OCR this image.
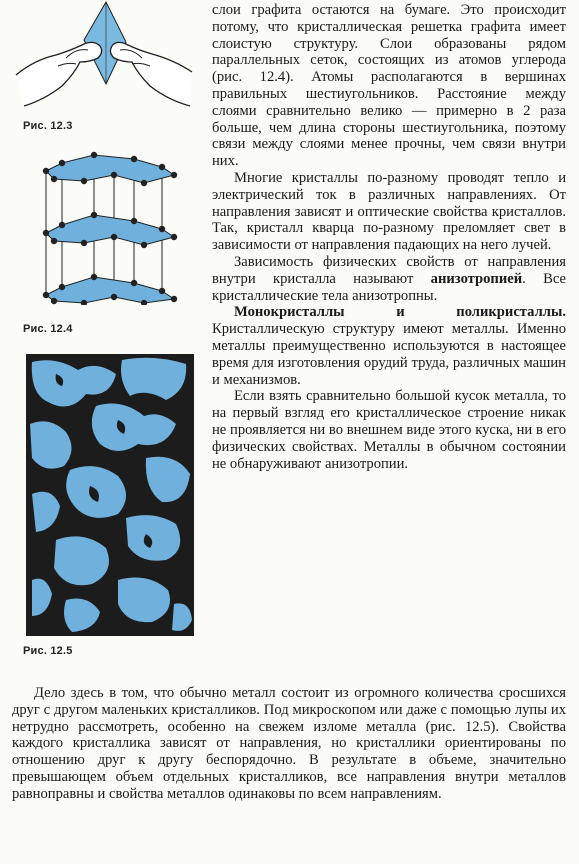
Рис. 12.3
Рис. 12.4
Рис. 12.5

слои графита остаются на бумаге. Это происходит потому, что кристаллическая решетка графита имеет слоистую структуру. Слои образованы рядом параллельных сеток, состоящих из атомов углерода (рис. 12.4). Атомы располагаются в вершинах правильных шестиугольников. Расстояние между слоями сравнительно велико — примерно в 2 раза больше, чем длина стороны шестиугольника, поэтому связи между слоями менее прочны, чем связи внутри них.

Многие кристаллы по-разному проводят тепло и электрический ток в различных направлениях. От направления зависят и оптические свойства кристаллов. Так, кристалл кварца по-разному преломляет свет в зависимости от направления падающих на него лучей.

Зависимость физических свойств от направления внутри кристалла называют анизотропией. Все кристаллические тела анизотропны.

Монокристаллы и поликристаллы. Кристаллическую структуру имеют металлы. Именно металлы преимущественно используются в настоящее время для изготовления орудий труда, различных машин и механизмов.

Если взять сравнительно большой кусок металла, то на первый взгляд его кристаллическое строение никак не проявляется ни во внешнем виде этого куска, ни в его физических свойствах. Металлы в обычном состоянии не обнаруживают анизотропии.

Дело здесь в том, что обычно металл состоит из огромного количества сросшихся друг с другом маленьких кристалликов. Под микроскопом или даже с помощью лупы их нетрудно рассмотреть, особенно на свежем изломе металла (рис. 12.5). Свойства каждого кристаллика зависят от направления, но кристаллики ориентированы по отношению друг к другу беспорядочно. В результате в объеме, значительно превышающем объем отдельных кристалликов, все направления внутри металлов равноправны и свойства металлов одинаковы по всем направлениям.
